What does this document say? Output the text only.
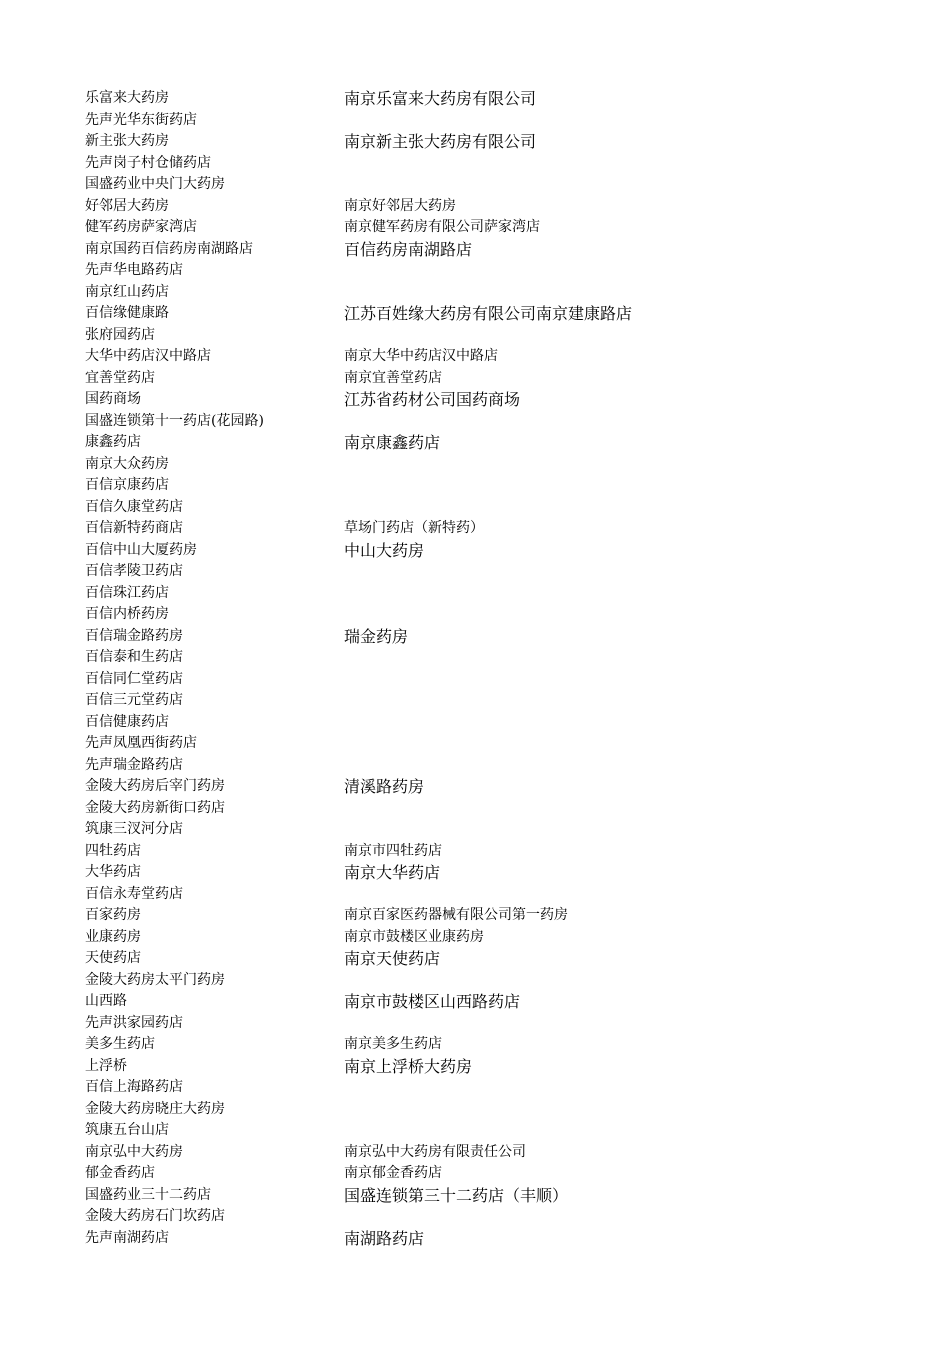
乐富来大药房	南京乐富来大药房有限公司
先声光华东街药店
新主张大药房	南京新主张大药房有限公司
先声岗子村仓储药店
国盛药业中央门大药房
好邻居大药房	南京好邻居大药房
健军药房萨家湾店	南京健军药房有限公司萨家湾店
南京国药百信药房南湖路店	百信药房南湖路店
先声华电路药店
南京红山药店
百信缘健康路	江苏百姓缘大药房有限公司南京建康路店
张府园药店
大华中药店汉中路店	南京大华中药店汉中路店
宜善堂药店	南京宜善堂药店
国药商场	江苏省药材公司国药商场
国盛连锁第十一药店(花园路)
康鑫药店	南京康鑫药店
南京大众药房
百信京康药店
百信久康堂药店
百信新特药商店	草场门药店（新特药）
百信中山大厦药房	中山大药房
百信孝陵卫药店
百信珠江药店
百信内桥药房
百信瑞金路药房	瑞金药房
百信泰和生药店
百信同仁堂药店
百信三元堂药店
百信健康药店
先声凤凰西街药店
先声瑞金路药店
金陵大药房后宰门药房	清溪路药房
金陵大药房新街口药店
筑康三汊河分店
四牡药店	南京市四牡药店
大华药店	南京大华药店
百信永寿堂药店
百家药房	南京百家医药器械有限公司第一药房
业康药房	南京市鼓楼区业康药房
天使药店	南京天使药店
金陵大药房太平门药房
山西路	南京市鼓楼区山西路药店
先声洪家园药店
美多生药店	南京美多生药店
上浮桥	南京上浮桥大药房
百信上海路药店
金陵大药房晓庄大药房
筑康五台山店
南京弘中大药房	南京弘中大药房有限责任公司
郁金香药店	南京郁金香药店
国盛药业三十二药店	国盛连锁第三十二药店（丰顺）
金陵大药房石门坎药店
先声南湖药店	南湖路药店
